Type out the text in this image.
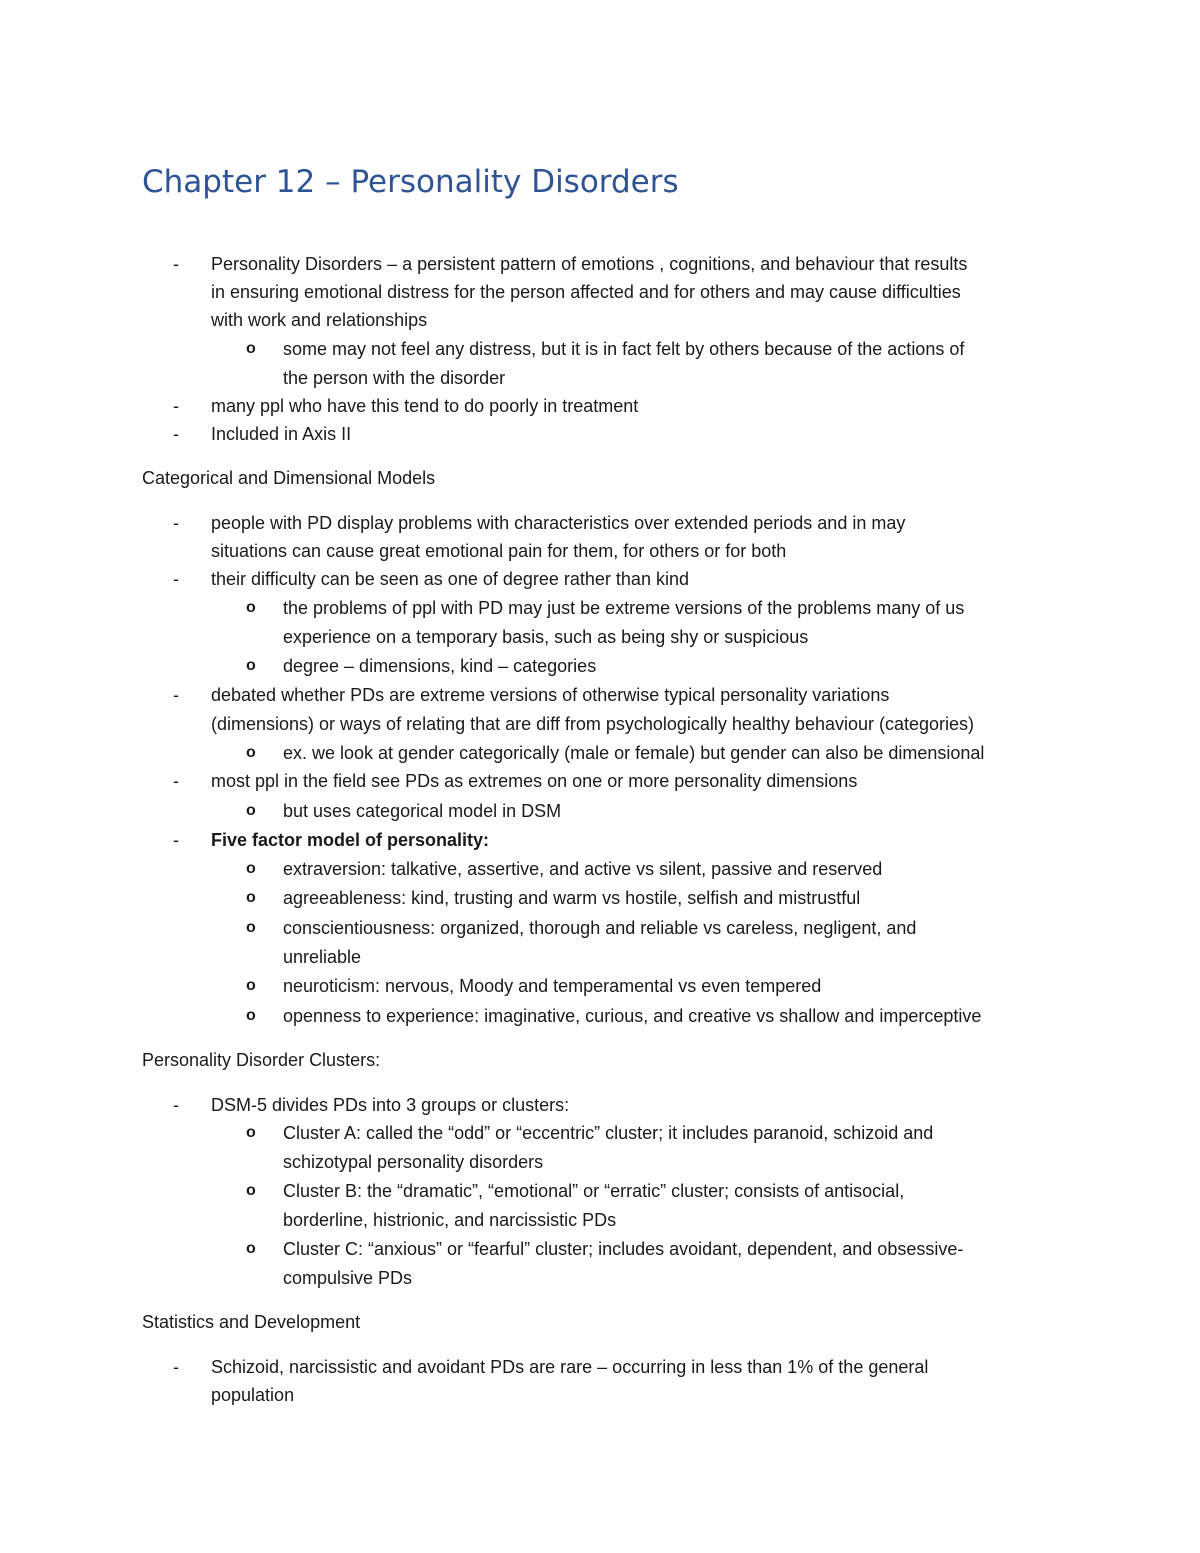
Chapter 12 – Personality Disorders
- Personality Disorders – a persistent pattern of emotions , cognitions, and behaviour that results
in ensuring emotional distress for the person affected and for others and may cause difficulties
with work and relationships
o some may not feel any distress, but it is in fact felt by others because of the actions of
the person with the disorder
- many ppl who have this tend to do poorly in treatment
- Included in Axis II
Categorical and Dimensional Models
- people with PD display problems with characteristics over extended periods and in may
situations can cause great emotional pain for them, for others or for both
- their difficulty can be seen as one of degree rather than kind
o the problems of ppl with PD may just be extreme versions of the problems many of us
experience on a temporary basis, such as being shy or suspicious
o degree – dimensions, kind – categories
- debated whether PDs are extreme versions of otherwise typical personality variations
(dimensions) or ways of relating that are diff from psychologically healthy behaviour (categories)
o ex. we look at gender categorically (male or female) but gender can also be dimensional
- most ppl in the field see PDs as extremes on one or more personality dimensions
o but uses categorical model in DSM
- Five factor model of personality:
o extraversion: talkative, assertive, and active vs silent, passive and reserved
o agreeableness: kind, trusting and warm vs hostile, selfish and mistrustful
o conscientiousness: organized, thorough and reliable vs careless, negligent, and
unreliable
o neuroticism: nervous, Moody and temperamental vs even tempered
o openness to experience: imaginative, curious, and creative vs shallow and imperceptive
Personality Disorder Clusters:
- DSM-5 divides PDs into 3 groups or clusters:
o Cluster A: called the “odd” or “eccentric” cluster; it includes paranoid, schizoid and
schizotypal personality disorders
o Cluster B: the “dramatic”, “emotional” or “erratic” cluster; consists of antisocial,
borderline, histrionic, and narcissistic PDs
o Cluster C: “anxious” or “fearful” cluster; includes avoidant, dependent, and obsessive-
compulsive PDs
Statistics and Development
- Schizoid, narcissistic and avoidant PDs are rare – occurring in less than 1% of the general
population
